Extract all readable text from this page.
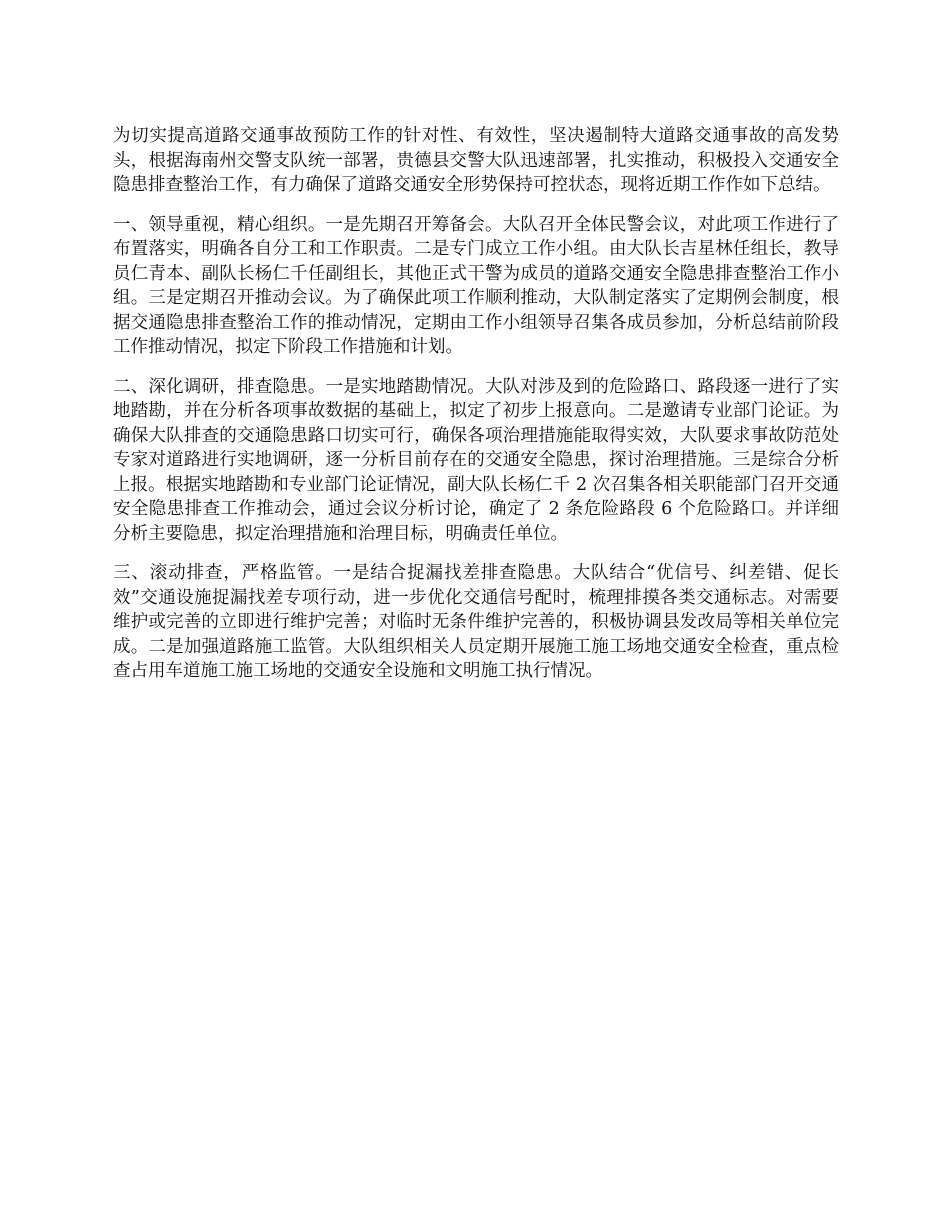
为切实提高道路交通事故预防工作的针对性、有效性，坚决遏制特大道路交通事故的高发势头，根据海南州交警支队统一部署，贵德县交警大队迅速部署，扎实推动，积极投入交通安全隐患排查整治工作，有力确保了道路交通安全形势保持可控状态，现将近期工作作如下总结。

一、领导重视，精心组织。一是先期召开筹备会。大队召开全体民警会议，对此项工作进行了布置落实，明确各自分工和工作职责。二是专门成立工作小组。由大队长吉星林任组长，教导员仁青本、副队长杨仁千任副组长，其他正式干警为成员的道路交通安全隐患排查整治工作小组。三是定期召开推动会议。为了确保此项工作顺利推动，大队制定落实了定期例会制度，根据交通隐患排查整治工作的推动情况，定期由工作小组领导召集各成员参加，分析总结前阶段工作推动情况，拟定下阶段工作措施和计划。

二、深化调研，排查隐患。一是实地踏勘情况。大队对涉及到的危险路口、路段逐一进行了实地踏勘，并在分析各项事故数据的基础上，拟定了初步上报意向。二是邀请专业部门论证。为确保大队排查的交通隐患路口切实可行，确保各项治理措施能取得实效，大队要求事故防范处专家对道路进行实地调研，逐一分析目前存在的交通安全隐患，探讨治理措施。三是综合分析上报。根据实地踏勘和专业部门论证情况，副大队长杨仁千 2 次召集各相关职能部门召开交通安全隐患排查工作推动会，通过会议分析讨论，确定了 2 条危险路段 6 个危险路口。并详细分析主要隐患，拟定治理措施和治理目标，明确责任单位。

三、滚动排查，严格监管。一是结合捉漏找差排查隐患。大队结合“优信号、纠差错、促长效”交通设施捉漏找差专项行动，进一步优化交通信号配时，梳理排摸各类交通标志。对需要维护或完善的立即进行维护完善；对临时无条件维护完善的，积极协调县发改局等相关单位完成。二是加强道路施工监管。大队组织相关人员定期开展施工施工场地交通安全检查，重点检查占用车道施工施工场地的交通安全设施和文明施工执行情况。
